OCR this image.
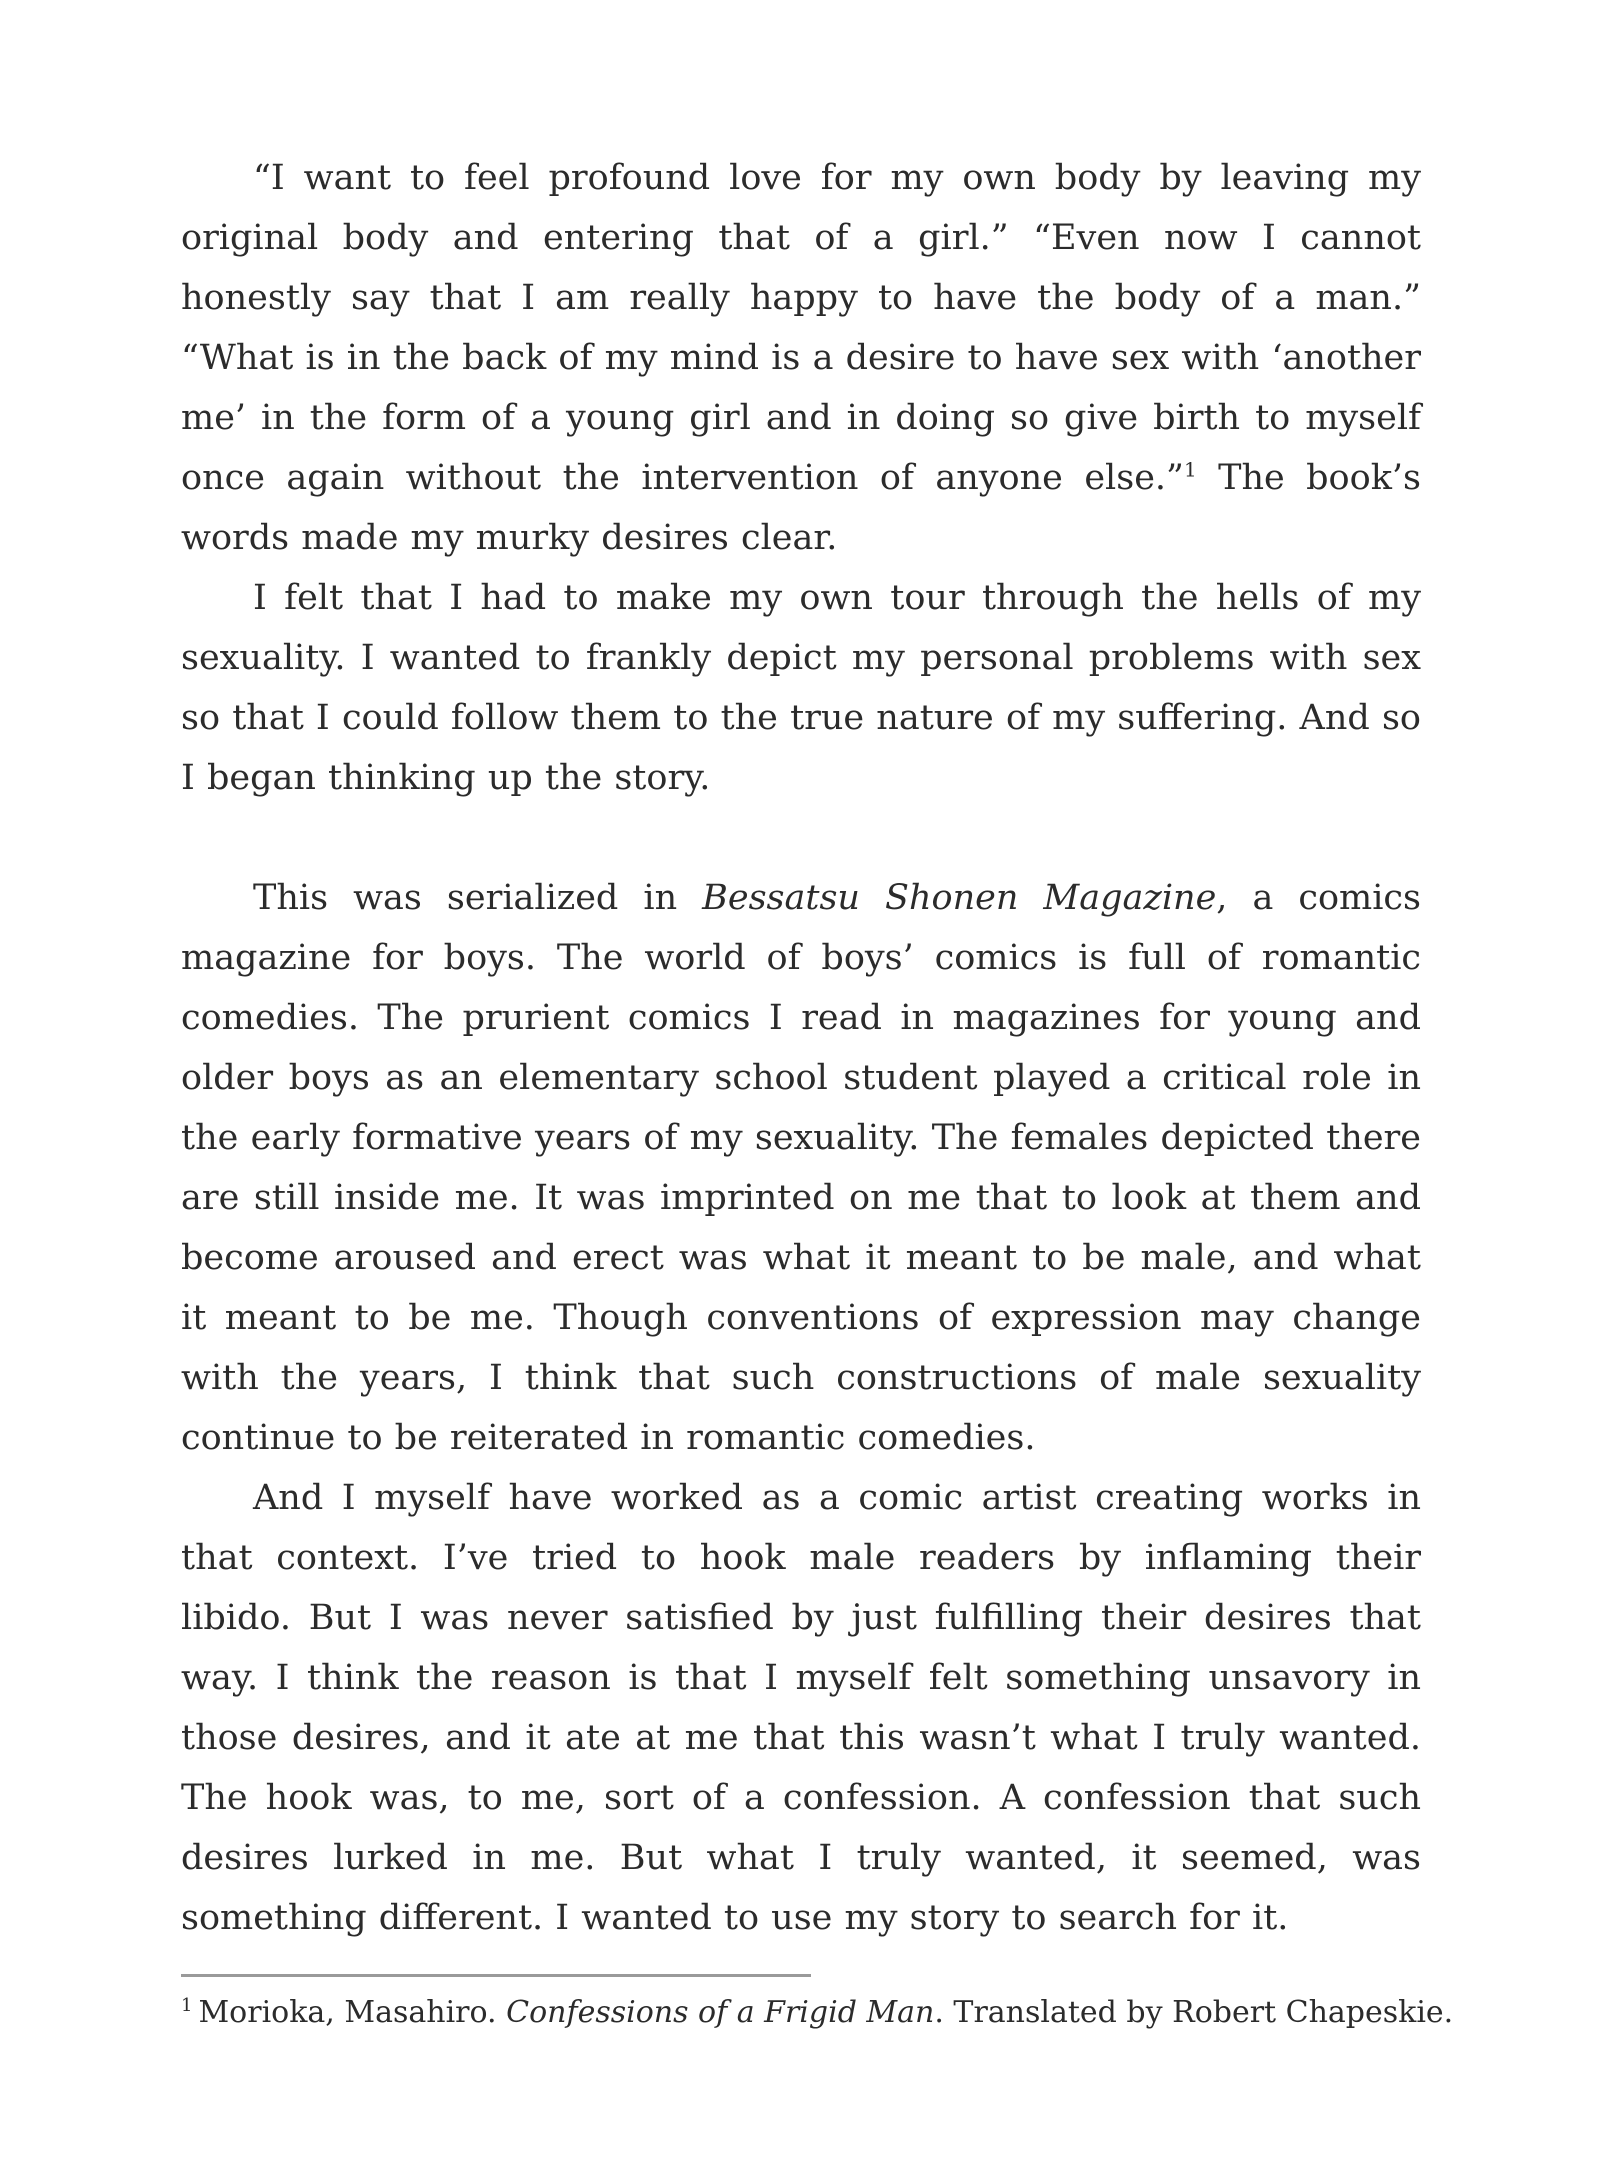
“I want to feel profound love for my own body by leaving my original body and entering that of a girl.” “Even now I cannot honestly say that I am really happy to have the body of a man.” “What is in the back of my mind is a desire to have sex with ‘another me’ in the form of a young girl and in doing so give birth to myself once again without the intervention of anyone else.”$^1$ The book’s words made my murky desires clear.

I felt that I had to make my own tour through the hells of my sexuality. I wanted to frankly depict my personal problems with sex so that I could follow them to the true nature of my suffering. And so I began thinking up the story.

This was serialized in Bessatsu Shonen Magazine, a comics magazine for boys. The world of boys’ comics is full of romantic comedies. The prurient comics I read in magazines for young and older boys as an elementary school student played a critical role in the early formative years of my sexuality. The females depicted there are still inside me. It was imprinted on me that to look at them and become aroused and erect was what it meant to be male, and what it meant to be me. Though conventions of expression may change with the years, I think that such constructions of male sexuality continue to be reiterated in romantic comedies.

And I myself have worked as a comic artist creating works in that context. I’ve tried to hook male readers by inflaming their libido. But I was never satisfied by just fulfilling their desires that way. I think the reason is that I myself felt something unsavory in those desires, and it ate at me that this wasn’t what I truly wanted. The hook was, to me, sort of a confession. A confession that such desires lurked in me. But what I truly wanted, it seemed, was something different. I wanted to use my story to search for it.

$^1$ Morioka, Masahiro. Confessions of a Frigid Man. Translated by Robert Chapeskie.
